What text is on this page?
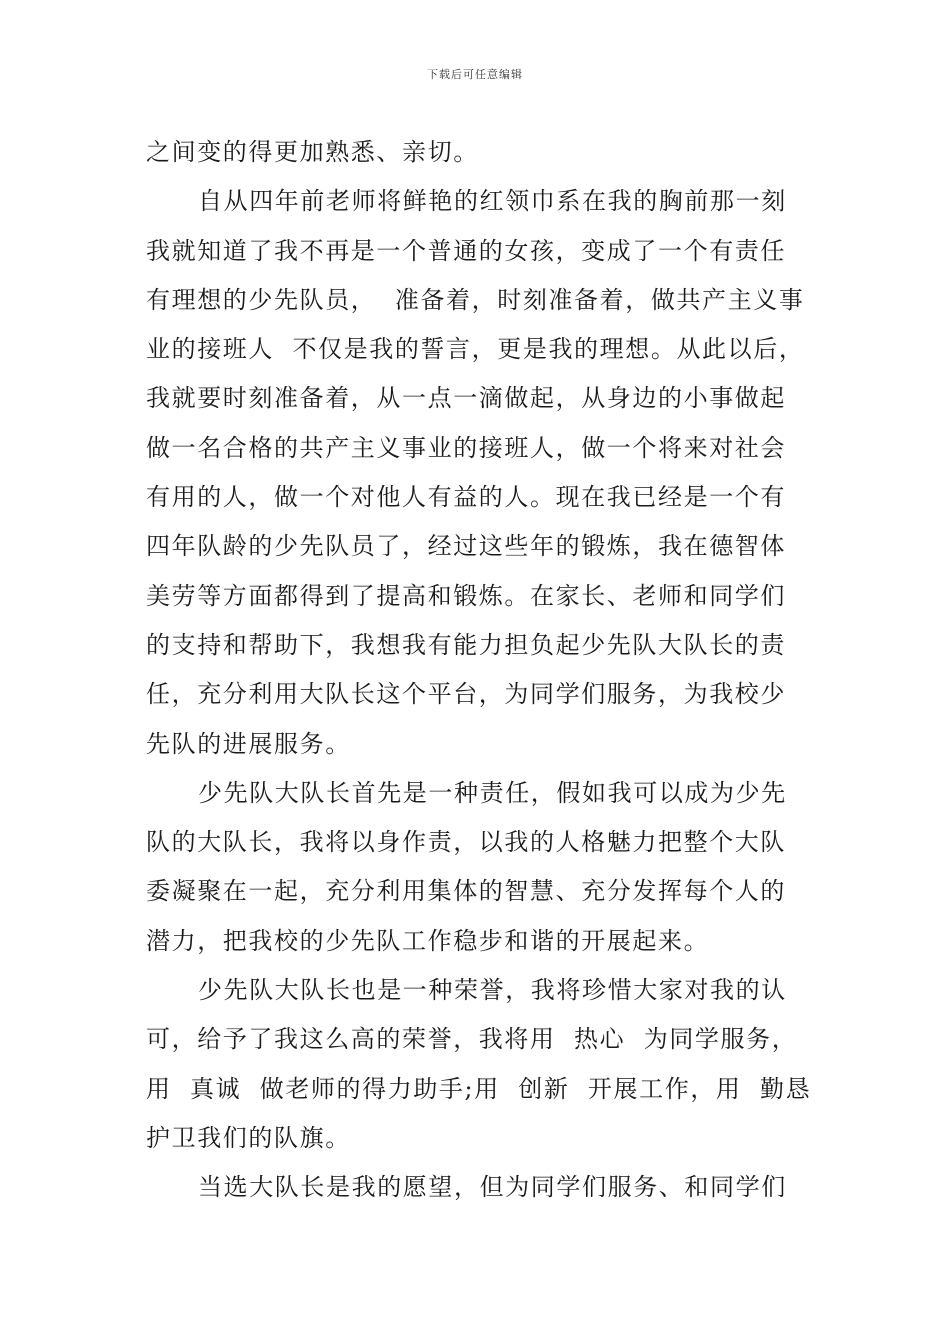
下载后可任意编辑
之间变的得更加熟悉、亲切。
自从四年前老师将鲜艳的红领巾系在我的胸前那一刻
我就知道了我不再是一个普通的女孩，变成了一个有责任
有理想的少先队员，  准备着，时刻准备着，做共产主义事
业的接班人  不仅是我的誓言，更是我的理想。从此以后，
我就要时刻准备着，从一点一滴做起，从身边的小事做起
做一名合格的共产主义事业的接班人，做一个将来对社会
有用的人，做一个对他人有益的人。现在我已经是一个有
四年队龄的少先队员了，经过这些年的锻炼，我在德智体
美劳等方面都得到了提高和锻炼。在家长、老师和同学们
的支持和帮助下，我想我有能力担负起少先队大队长的责
任，充分利用大队长这个平台，为同学们服务，为我校少
先队的进展服务。
少先队大队长首先是一种责任，假如我可以成为少先
队的大队长，我将以身作责，以我的人格魅力把整个大队
委凝聚在一起，充分利用集体的智慧、充分发挥每个人的
潜力，把我校的少先队工作稳步和谐的开展起来。
少先队大队长也是一种荣誉，我将珍惜大家对我的认
可，给予了我这么高的荣誉，我将用  热心  为同学服务，
用  真诚  做老师的得力助手;用  创新  开展工作，用  勤恳
护卫我们的队旗。
当选大队长是我的愿望，但为同学们服务、和同学们
